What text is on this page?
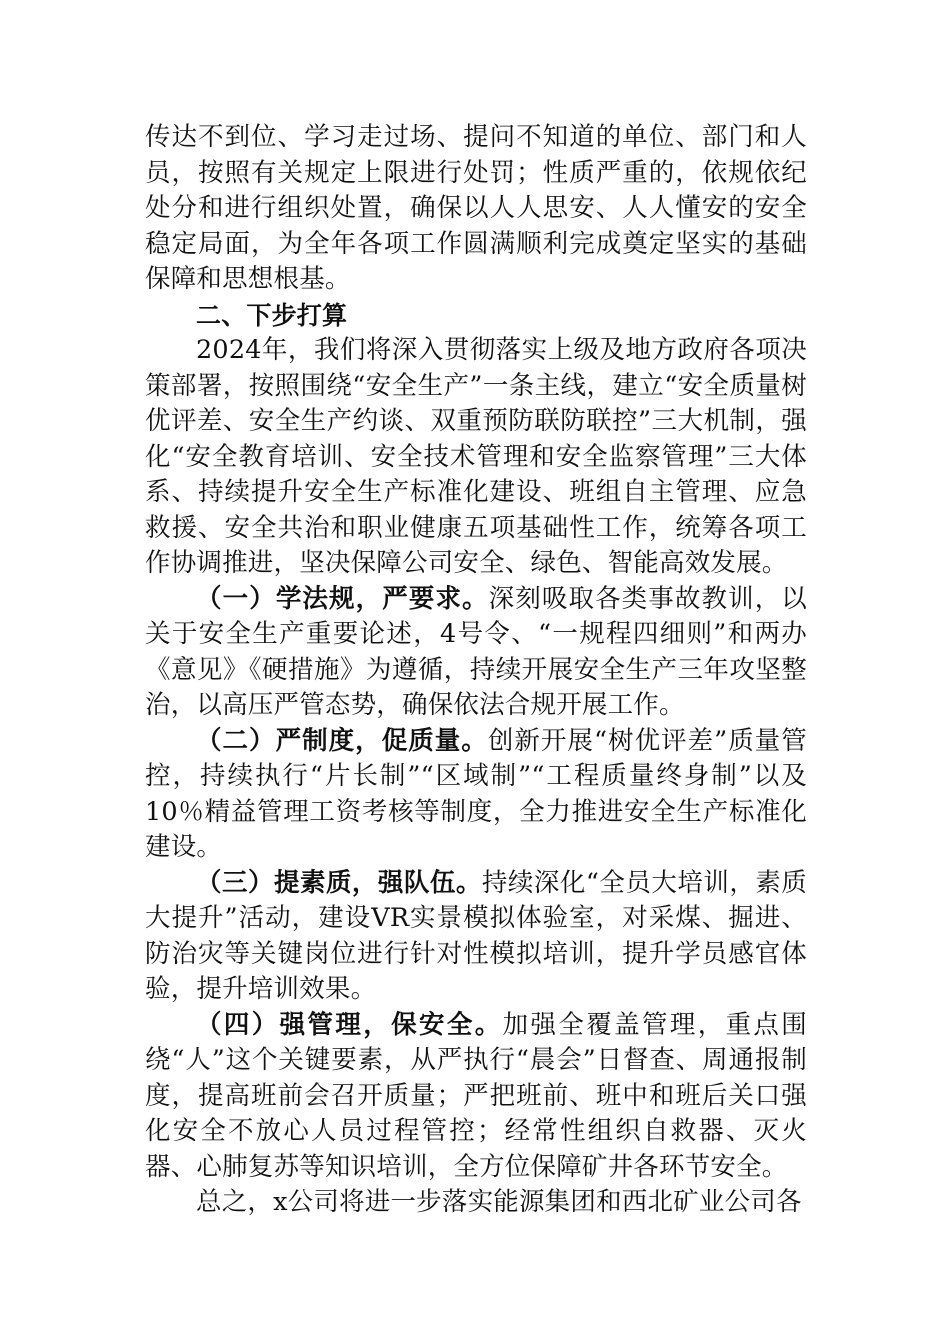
传达不到位、学习走过场、提问不知道的单位、部门和人员，按照有关规定上限进行处罚；性质严重的，依规依纪处分和进行组织处置，确保以人人思安、人人懂安的安全稳定局面，为全年各项工作圆满顺利完成奠定坚实的基础保障和思想根基。

二、下步打算

2024年，我们将深入贯彻落实上级及地方政府各项决策部署，按照围绕“安全生产”一条主线，建立“安全质量树优评差、安全生产约谈、双重预防联防联控”三大机制，强化“安全教育培训、安全技术管理和安全监察管理”三大体系、持续提升安全生产标准化建设、班组自主管理、应急救援、安全共治和职业健康五项基础性工作，统筹各项工作协调推进，坚决保障公司安全、绿色、智能高效发展。

（一）学法规，严要求。深刻吸取各类事故教训，以关于安全生产重要论述，4号令、“一规程四细则”和两办《意见》《硬措施》为遵循，持续开展安全生产三年攻坚整治，以高压严管态势，确保依法合规开展工作。

（二）严制度，促质量。创新开展“树优评差”质量管控，持续执行“片长制”“区域制”“工程质量终身制”以及10％精益管理工资考核等制度，全力推进安全生产标准化建设。

（三）提素质，强队伍。持续深化“全员大培训，素质大提升”活动，建设VR实景模拟体验室，对采煤、掘进、防治灾等关键岗位进行针对性模拟培训，提升学员感官体验，提升培训效果。

（四）强管理，保安全。加强全覆盖管理，重点围绕“人”这个关键要素，从严执行“晨会”日督查、周通报制度，提高班前会召开质量；严把班前、班中和班后关口强化安全不放心人员过程管控；经常性组织自救器、灭火器、心肺复苏等知识培训，全方位保障矿井各环节安全。

总之，x公司将进一步落实能源集团和西北矿业公司各
